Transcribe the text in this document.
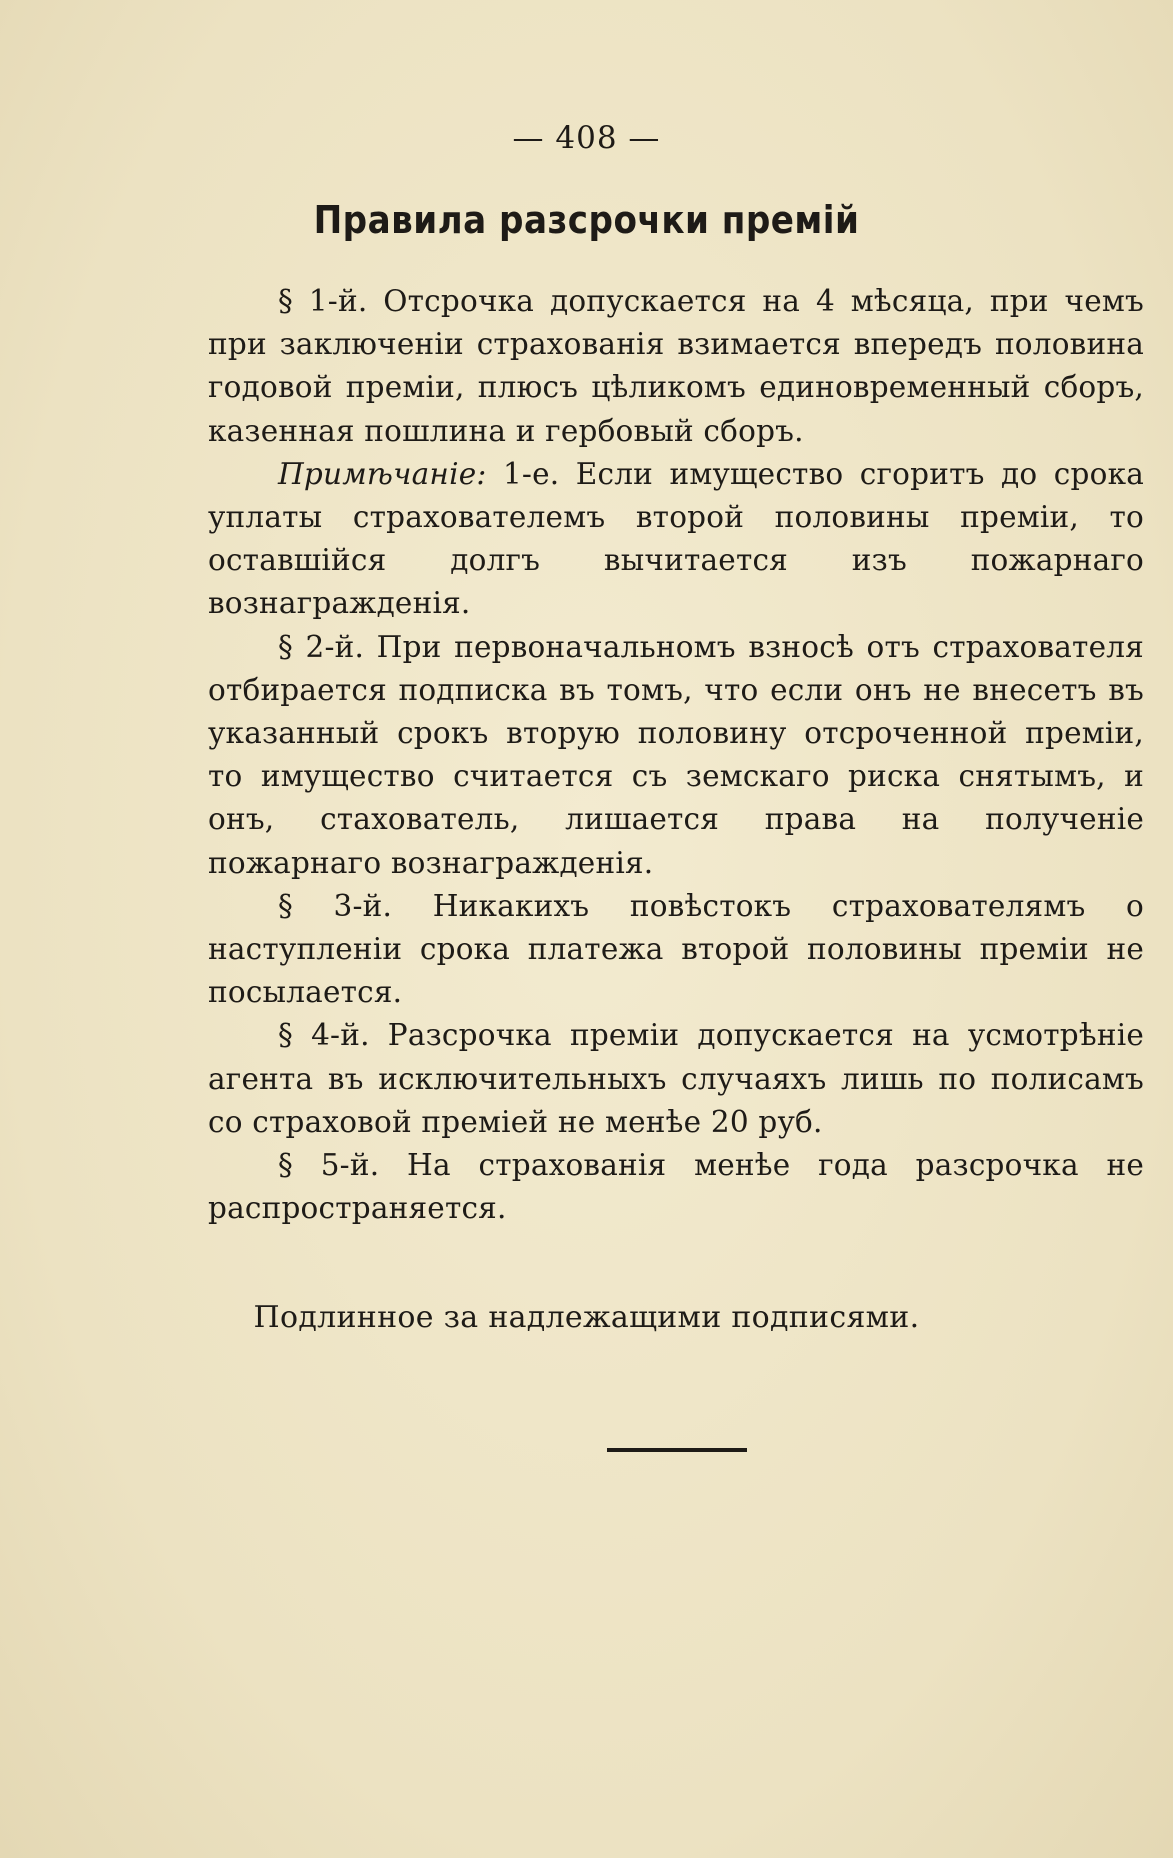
— 408 —
Правила разсрочки премій

§ 1-й. Отсрочка допускается на 4 мѣсяца, при чемъ при заключеніи страхованія взимается впередъ половина годовой преміи, плюсъ цѣликомъ единовременный сборъ, казенная пошлина и гербовый сборъ.

Примѣчаніе: 1-е. Если имущество сгоритъ до срока уплаты страхователемъ второй половины преміи, то оставшійся долгъ вычитается изъ пожарнаго вознагражденія.

§ 2-й. При первоначальномъ взносѣ отъ страхователя отбирается подписка въ томъ, что если онъ не внесетъ въ указанный срокъ вторую половину отсроченной преміи, то имущество считается съ земскаго риска снятымъ, и онъ, стахователь, лишается права на полученіе пожарнаго вознагражденія.

§ 3-й. Никакихъ повѣстокъ страхователямъ о наступленіи срока платежа второй половины преміи не посылается.

§ 4-й. Разсрочка преміи допускается на усмотрѣніе агента въ исключительныхъ случаяхъ лишь по полисамъ со страховой преміей не менѣе 20 руб.

§ 5-й. На страхованія менѣе года разсрочка не распространяется.

Подлинное за надлежащими подписями.
